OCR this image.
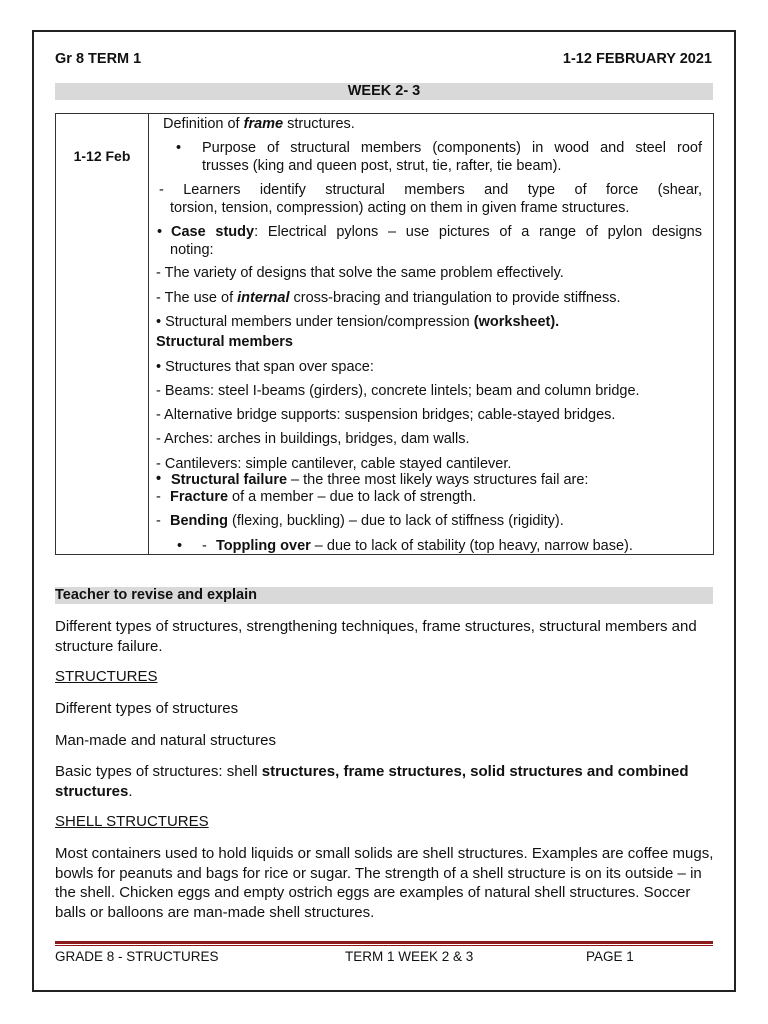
Gr 8 TERM 1	1-12 FEBRUARY 2021
WEEK 2- 3
1-12 Feb
Definition of frame structures.
• Purpose of structural members (components) in wood and steel roof
trusses (king and queen post, strut, tie, rafter, tie beam).
- Learners identify structural members and type of force (shear,
torsion, tension, compression) acting on them in given frame structures.
• Case study: Electrical pylons – use pictures of a range of pylon designs
noting:
- The variety of designs that solve the same problem effectively.
- The use of internal cross-bracing and triangulation to provide stiffness.
• Structural members under tension/compression (worksheet).
Structural members
• Structures that span over space:
- Beams: steel I-beams (girders), concrete lintels; beam and column bridge.
- Alternative bridge supports: suspension bridges; cable-stayed bridges.
- Arches: arches in buildings, bridges, dam walls.
- Cantilevers: simple cantilever, cable stayed cantilever.
• Structural failure – the three most likely ways structures fail are:
- Fracture of a member – due to lack of strength.
- Bending (flexing, buckling) – due to lack of stiffness (rigidity).
• - Toppling over – due to lack of stability (top heavy, narrow base).
Teacher to revise and explain
Different types of structures, strengthening techniques, frame structures, structural members and structure failure.
STRUCTURES
Different types of structures
Man-made and natural structures
Basic types of structures: shell structures, frame structures, solid structures and combined structures.
SHELL STRUCTURES
Most containers used to hold liquids or small solids are shell structures. Examples are coffee mugs, bowls for peanuts and bags for rice or sugar. The strength of a shell structure is on its outside – in the shell. Chicken eggs and empty ostrich eggs are examples of natural shell structures. Soccer balls or balloons are man-made shell structures.
GRADE 8 - STRUCTURES	TERM 1 WEEK 2 & 3	PAGE 1
